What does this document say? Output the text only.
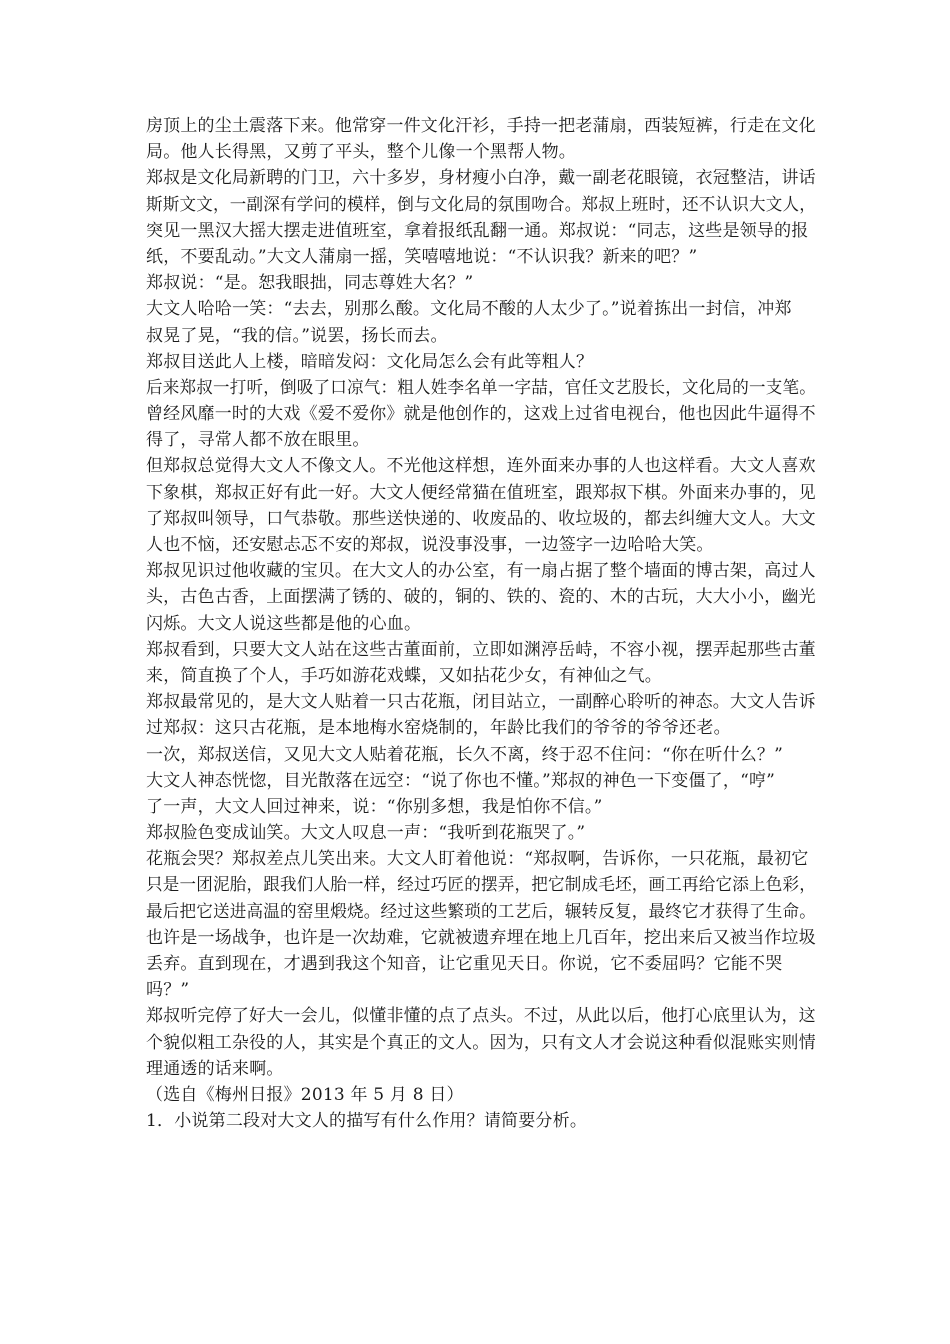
房顶上的尘土震落下来。他常穿一件文化汗衫，手持一把老蒲扇，西装短裤，行走在文化
局。他人长得黑，又剪了平头，整个儿像一个黑帮人物。
郑叔是文化局新聘的门卫，六十多岁，身材瘦小白净，戴一副老花眼镜，衣冠整洁，讲话
斯斯文文，一副深有学问的模样，倒与文化局的氛围吻合。郑叔上班时，还不认识大文人，
突见一黑汉大摇大摆走进值班室，拿着报纸乱翻一通。郑叔说：“同志，这些是领导的报
纸，不要乱动。”大文人蒲扇一摇，笑嘻嘻地说：“不认识我？新来的吧？”
郑叔说：“是。恕我眼拙，同志尊姓大名？”
大文人哈哈一笑：“去去，别那么酸。文化局不酸的人太少了。”说着拣出一封信，冲郑
叔晃了晃，“我的信。”说罢，扬长而去。
郑叔目送此人上楼，暗暗发闷：文化局怎么会有此等粗人？
后来郑叔一打听，倒吸了口凉气：粗人姓李名单一字喆，官任文艺股长，文化局的一支笔。
曾经风靡一时的大戏《爱不爱你》就是他创作的，这戏上过省电视台，他也因此牛逼得不
得了，寻常人都不放在眼里。
但郑叔总觉得大文人不像文人。不光他这样想，连外面来办事的人也这样看。大文人喜欢
下象棋，郑叔正好有此一好。大文人便经常猫在值班室，跟郑叔下棋。外面来办事的，见
了郑叔叫领导，口气恭敬。那些送快递的、收废品的、收垃圾的，都去纠缠大文人。大文
人也不恼，还安慰忐忑不安的郑叔，说没事没事，一边签字一边哈哈大笑。
郑叔见识过他收藏的宝贝。在大文人的办公室，有一扇占据了整个墙面的博古架，高过人
头，古色古香，上面摆满了锈的、破的，铜的、铁的、瓷的、木的古玩，大大小小，幽光
闪烁。大文人说这些都是他的心血。
郑叔看到，只要大文人站在这些古董面前，立即如渊渟岳峙，不容小视，摆弄起那些古董
来，简直换了个人，手巧如游花戏蝶，又如拈花少女，有神仙之气。
郑叔最常见的，是大文人贴着一只古花瓶，闭目站立，一副醉心聆听的神态。大文人告诉
过郑叔：这只古花瓶，是本地梅水窑烧制的，年龄比我们的爷爷的爷爷还老。
一次，郑叔送信，又见大文人贴着花瓶，长久不离，终于忍不住问：“你在听什么？”
大文人神态恍惚，目光散落在远空：“说了你也不懂。”郑叔的神色一下变僵了，“哼”
了一声，大文人回过神来，说：“你别多想，我是怕你不信。”
郑叔脸色变成讪笑。大文人叹息一声：“我听到花瓶哭了。”
花瓶会哭？郑叔差点儿笑出来。大文人盯着他说：“郑叔啊，告诉你，一只花瓶，最初它
只是一团泥胎，跟我们人胎一样，经过巧匠的摆弄，把它制成毛坯，画工再给它添上色彩，
最后把它送进高温的窑里煅烧。经过这些繁琐的工艺后，辗转反复，最终它才获得了生命。
也许是一场战争，也许是一次劫难，它就被遗弃埋在地上几百年，挖出来后又被当作垃圾
丢弃。直到现在，才遇到我这个知音，让它重见天日。你说，它不委屈吗？它能不哭
吗？”
郑叔听完停了好大一会儿，似懂非懂的点了点头。不过，从此以后，他打心底里认为，这
个貌似粗工杂役的人，其实是个真正的文人。因为，只有文人才会说这种看似混账实则情
理通透的话来啊。
（选自《梅州日报》2013 年 5 月 8 日）
1．小说第二段对大文人的描写有什么作用？请简要分析。
